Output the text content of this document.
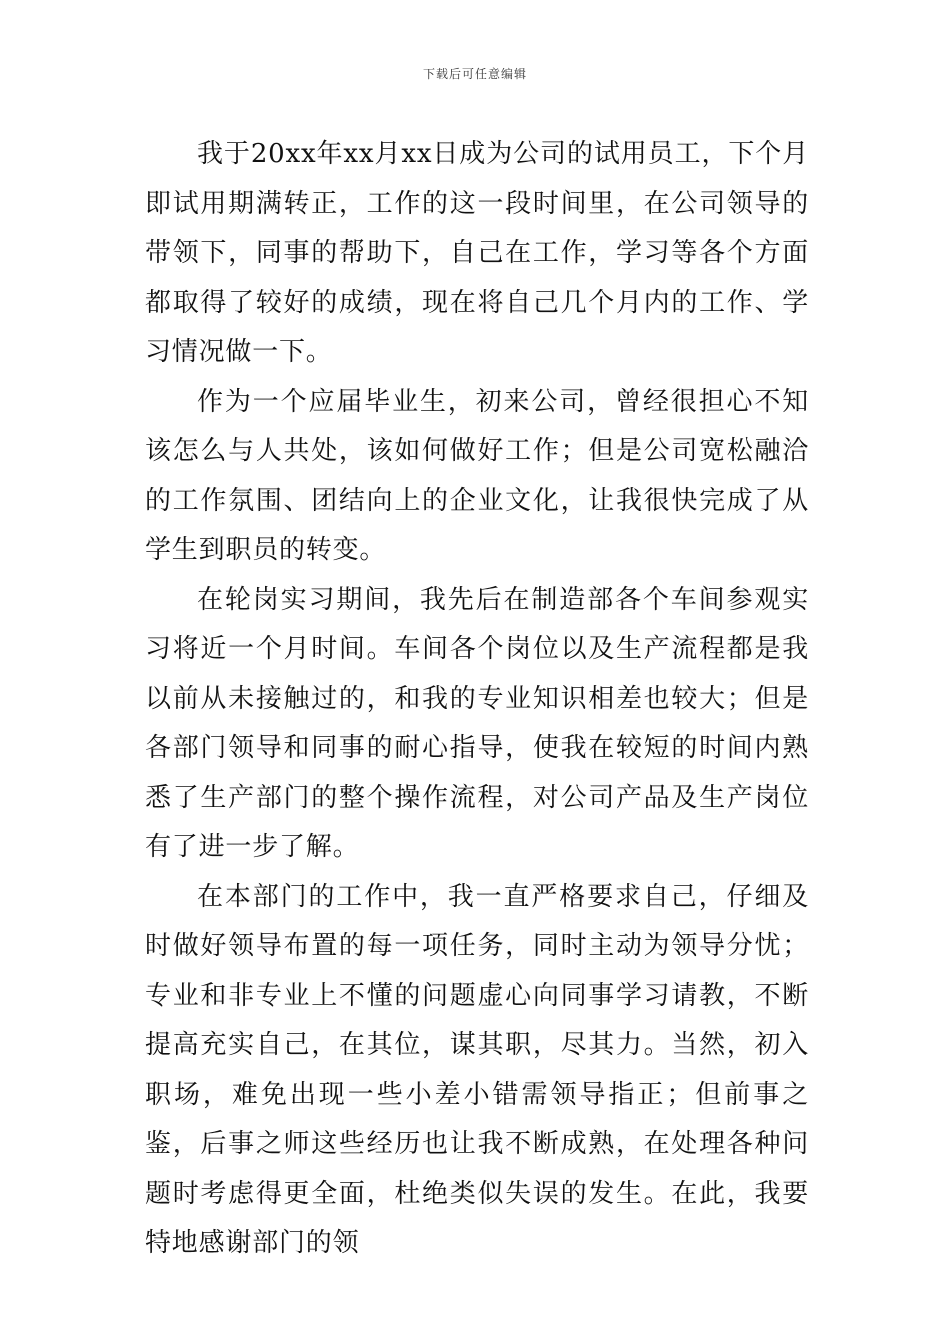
下载后可任意编辑

我于20xx年xx月xx日成为公司的试用员工，下个月即试用期满转正，工作的这一段时间里，在公司领导的带领下，同事的帮助下，自己在工作，学习等各个方面都取得了较好的成绩，现在将自己几个月内的工作、学习情况做一下。

作为一个应届毕业生，初来公司，曾经很担心不知该怎么与人共处，该如何做好工作；但是公司宽松融洽的工作氛围、团结向上的企业文化，让我很快完成了从学生到职员的转变。

在轮岗实习期间，我先后在制造部各个车间参观实习将近一个月时间。车间各个岗位以及生产流程都是我以前从未接触过的，和我的专业知识相差也较大；但是各部门领导和同事的耐心指导，使我在较短的时间内熟悉了生产部门的整个操作流程，对公司产品及生产岗位有了进一步了解。

在本部门的工作中，我一直严格要求自己，仔细及时做好领导布置的每一项任务，同时主动为领导分忧；专业和非专业上不懂的问题虚心向同事学习请教，不断提高充实自己，在其位，谋其职，尽其力。当然，初入职场，难免出现一些小差小错需领导指正；但前事之鉴，后事之师这些经历也让我不断成熟，在处理各种问题时考虑得更全面，杜绝类似失误的发生。在此，我要特地感谢部门的领
